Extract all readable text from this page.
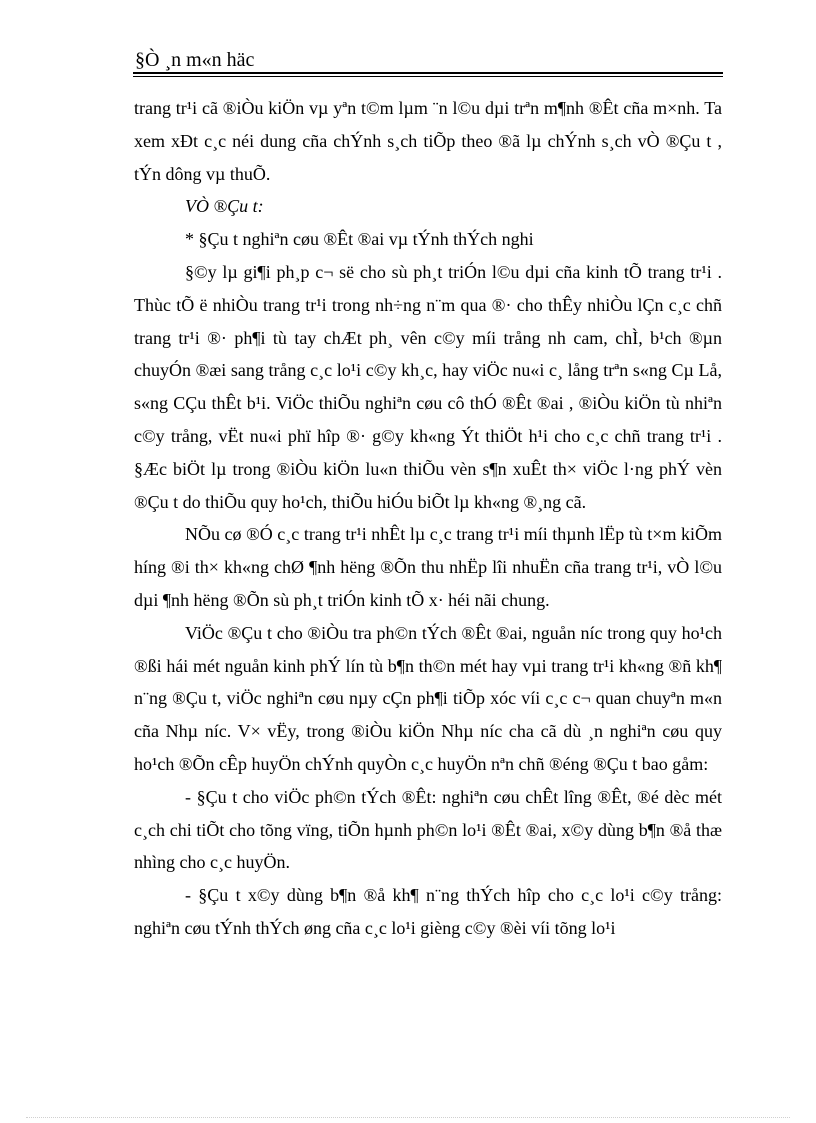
§Ò ¸n m«n häc

trang tr¹i cã ®iÒu kiÖn vµ yªn t©m lµm ¨n l©u dµi trªn m¶nh ®Êt cña m×nh. Ta xem xÐt c¸c néi dung cña chÝnh s¸ch tiÕp theo ®ã lµ chÝnh s¸ch vÒ ®Çu t , tÝn dông vµ thuÕ.

VÒ ®Çu t:

* §Çu t nghiªn cøu ®Êt ®ai vµ tÝnh thÝch nghi

§©y lµ gi¶i ph¸p c¬ së cho sù ph¸t triÓn l©u dµi cña kinh tÕ trang tr¹i . Thùc tÕ ë nhiÒu trang tr¹i trong nh÷ng n¨m qua ®· cho thÊy nhiÒu lÇn c¸c chñ trang tr¹i ®· ph¶i tù tay chÆt ph¸ vên c©y míi trång nh cam, chÌ, b¹ch ®µn chuyÓn ®æi sang trång c¸c lo¹i c©y kh¸c, hay viÖc nu«i c¸ lång trªn s«ng Cµ Lå, s«ng CÇu thÊt b¹i. ViÖc thiÕu nghiªn cøu cô thÓ ®Êt ®ai , ®iÒu kiÖn tù nhiªn c©y trång, vËt nu«i phï hîp ®· g©y kh«ng Ýt thiÖt h¹i cho c¸c chñ trang tr¹i . §Æc biÖt lµ trong ®iÒu kiÖn lu«n thiÕu vèn s¶n xuÊt th× viÖc l·ng phÝ vèn ®Çu t do thiÕu quy ho¹ch, thiÕu hiÓu biÕt lµ kh«ng ®¸ng cã.

NÕu cø ®Ó c¸c trang tr¹i nhÊt lµ c¸c trang tr¹i míi thµnh lËp tù t×m kiÕm híng ®i th× kh«ng chØ ¶nh hëng ®Õn thu nhËp lîi nhuËn cña trang tr¹i, vÒ l©u dµi ¶nh hëng ®Õn sù ph¸t triÓn kinh tÕ x· héi nãi chung.

ViÖc ®Çu t cho ®iÒu tra ph©n tÝch ®Êt ®ai, nguån níc trong quy ho¹ch ®ßi hái mét nguån kinh phÝ lín tù b¶n th©n mét hay vµi trang tr¹i kh«ng ®ñ kh¶ n¨ng ®Çu t, viÖc nghiªn cøu nµy cÇn ph¶i tiÕp xóc víi c¸c c¬ quan chuyªn m«n cña Nhµ níc. V× vËy, trong ®iÒu kiÖn Nhµ níc cha cã dù ¸n nghiªn cøu quy ho¹ch ®Õn cÊp huyÖn chÝnh quyÒn c¸c huyÖn nªn chñ ®éng ®Çu t bao gåm:

- §Çu t cho viÖc ph©n tÝch ®Êt: nghiªn cøu chÊt lîng ®Êt, ®é dèc mét c¸ch chi tiÕt cho tõng vïng, tiÕn hµnh ph©n lo¹i ®Êt ®ai, x©y dùng b¶n ®å thæ nhìng cho c¸c huyÖn.

- §Çu t x©y dùng b¶n ®å kh¶ n¨ng thÝch hîp cho c¸c lo¹i c©y trång: nghiªn cøu tÝnh thÝch øng cña c¸c lo¹i gièng c©y ®èi víi tõng lo¹i
